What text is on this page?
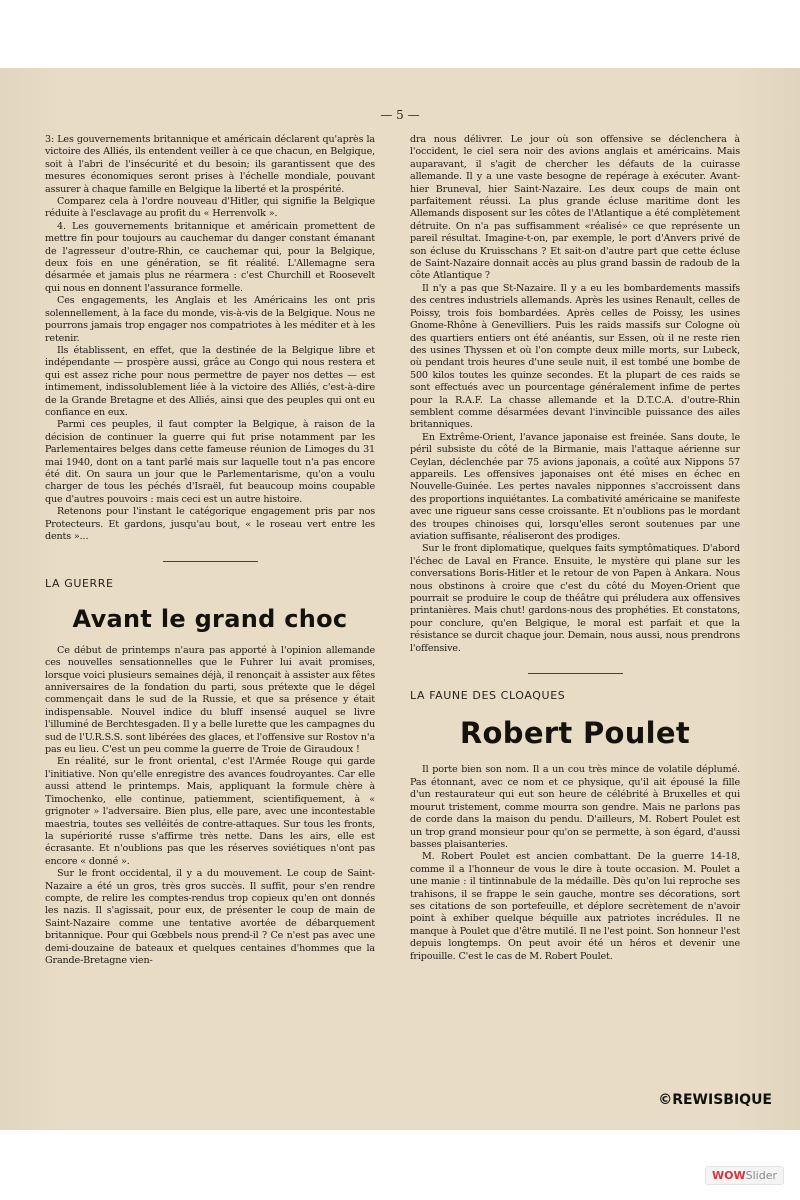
— 5 —

3: Les gouvernements britannique et américain déclarent qu'après la victoire des Alliés, ils entendent veiller à ce que chacun, en Belgique, soit à l'abri de l'insécurité et du besoin; ils garantissent que des mesures économiques seront prises à l'échelle mondiale, pouvant assurer à chaque famille en Belgique la liberté et la prospérité.

Comparez cela à l'ordre nouveau d'Hitler, qui signifie la Belgique réduite à l'esclavage au profit du « Herrenvolk ».

4. Les gouvernements britannique et américain promettent de mettre fin pour toujours au cauchemar du danger constant émanant de l'agresseur d'outre-Rhin, ce cauchemar qui, pour la Belgique, deux fois en une génération, se fit réalité. L'Allemagne sera désarmée et jamais plus ne réarmera : c'est Churchill et Roosevelt qui nous en donnent l'assurance formelle.

Ces engagements, les Anglais et les Américains les ont pris solennellement, à la face du monde, vis-à-vis de la Belgique. Nous ne pourrons jamais trop engager nos compatriotes à les méditer et à les retenir.

Ils établissent, en effet, que la destinée de la Belgique libre et indépendante — prospère aussi, grâce au Congo qui nous restera et qui est assez riche pour nous permettre de payer nos dettes — est intimement, indissolublement liée à la victoire des Alliés, c'est-à-dire de la Grande Bretagne et des Alliés, ainsi que des peuples qui ont eu confiance en eux.

Parmi ces peuples, il faut compter la Belgique, à raison de la décision de continuer la guerre qui fut prise notamment par les Parlementaires belges dans cette fameuse réunion de Limoges du 31 mai 1940, dont on a tant parlé mais sur laquelle tout n'a pas encore été dit. On saura un jour que le Parlementarisme, qu'on a voulu charger de tous les péchés d'Israël, fut beaucoup moins coupable que d'autres pouvoirs : mais ceci est un autre histoire.

Retenons pour l'instant le catégorique engagement pris par nos Protecteurs. Et gardons, jusqu'au bout, « le roseau vert entre les dents »...

LA GUERRE
Avant le grand choc

Ce début de printemps n'aura pas apporté à l'opinion allemande ces nouvelles sensationnelles que le Fuhrer lui avait promises, lorsque voici plusieurs semaines déjà, il renonçait à assister aux fêtes anniversaires de la fondation du parti, sous prétexte que le dégel commençait dans le sud de la Russie, et que sa présence y était indispensable. Nouvel indice du bluff insensé auquel se livre l'illuminé de Berchtesgaden. Il y a belle lurette que les campagnes du sud de l'U.R.S.S. sont libérées des glaces, et l'offensive sur Rostov n'a pas eu lieu. C'est un peu comme la guerre de Troie de Giraudoux !

En réalité, sur le front oriental, c'est l'Armée Rouge qui garde l'initiative. Non qu'elle enregistre des avances foudroyantes. Car elle aussi attend le printemps. Mais, appliquant la formule chère à Timochenko, elle continue, patiemment, scientifiquement, à « grignoter » l'adversaire. Bien plus, elle pare, avec une incontestable maestria, toutes ses velléités de contre-attaques. Sur tous les fronts, la supériorité russe s'affirme très nette. Dans les airs, elle est écrasante. Et n'oublions pas que les réserves soviétiques n'ont pas encore « donné ».

Sur le front occidental, il y a du mouvement. Le coup de Saint-Nazaire a été un gros, très gros succès. Il suffit, pour s'en rendre compte, de relire les comptes-rendus trop copieux qu'en ont donnés les nazis. Il s'agissait, pour eux, de présenter le coup de main de Saint-Nazaire comme une tentative avortée de débarquement britannique. Pour qui Gœbbels nous prend-il ? Ce n'est pas avec une demi-douzaine de bateaux et quelques centaines d'hommes que la Grande-Bretagne vien-

dra nous délivrer. Le jour où son offensive se déclenchera à l'occident, le ciel sera noir des avions anglais et américains. Mais auparavant, il s'agit de chercher les défauts de la cuirasse allemande. Il y a une vaste besogne de repérage à exécuter. Avant-hier Bruneval, hier Saint-Nazaire. Les deux coups de main ont parfaitement réussi. La plus grande écluse maritime dont les Allemands disposent sur les côtes de l'Atlantique a été complètement détruite. On n'a pas suffisamment «réalisé» ce que représente un pareil résultat. Imagine-t-on, par exemple, le port d'Anvers privé de son écluse du Kruisschans ? Et sait-on d'autre part que cette écluse de Saint-Nazaire donnait accès au plus grand bassin de radoub de la côte Atlantique ?

Il n'y a pas que St-Nazaire. Il y a eu les bombardements massifs des centres industriels allemands. Après les usines Renault, celles de Poissy, trois fois bombardées. Après celles de Poissy, les usines Gnome-Rhône à Genevilliers. Puis les raids massifs sur Cologne où des quartiers entiers ont été anéantis, sur Essen, où il ne reste rien des usines Thyssen et où l'on compte deux mille morts, sur Lubeck, où pendant trois heures d'une seule nuit, il est tombé une bombe de 500 kilos toutes les quinze secondes. Et la plupart de ces raids se sont effectués avec un pourcentage généralement infime de pertes pour la R.A.F. La chasse allemande et la D.T.C.A. d'outre-Rhin semblent comme désarmées devant l'invincible puissance des ailes britanniques.

En Extrême-Orient, l'avance japonaise est freinée. Sans doute, le péril subsiste du côté de la Birmanie, mais l'attaque aérienne sur Ceylan, déclenchée par 75 avions japonais, a coûté aux Nippons 57 appareils. Les offensives japonaises ont été mises en échec en Nouvelle-Guinée. Les pertes navales nipponnes s'accroissent dans des proportions inquiétantes. La combativité américaine se manifeste avec une rigueur sans cesse croissante. Et n'oublions pas le mordant des troupes chinoises qui, lorsqu'elles seront soutenues par une aviation suffisante, réaliseront des prodiges.

Sur le front diplomatique, quelques faits symptômatiques. D'abord l'échec de Laval en France. Ensuite, le mystère qui plane sur les conversations Boris-Hitler et le retour de von Papen à Ankara. Nous nous obstinons à croire que c'est du côté du Moyen-Orient que pourrait se produire le coup de théâtre qui préludera aux offensives printanières. Mais chut! gardons-nous des prophéties. Et constatons, pour conclure, qu'en Belgique, le moral est parfait et que la résistance se durcit chaque jour. Demain, nous aussi, nous prendrons l'offensive.

LA FAUNE DES CLOAQUES
Robert Poulet

Il porte bien son nom. Il a un cou très mince de volatile déplumé. Pas étonnant, avec ce nom et ce physique, qu'il ait épousé la fille d'un restaurateur qui eut son heure de célébrité à Bruxelles et qui mourut tristement, comme mourra son gendre. Mais ne parlons pas de corde dans la maison du pendu. D'ailleurs, M. Robert Poulet est un trop grand monsieur pour qu'on se permette, à son égard, d'aussi basses plaisanteries.

M. Robert Poulet est ancien combattant. De la guerre 14-18, comme il a l'honneur de vous le dire à toute occasion. M. Poulet a une manie : il tintinnabule de la médaille. Dès qu'on lui reproche ses trahisons, il se frappe le sein gauche, montre ses décorations, sort ses citations de son portefeuille, et déplore secrètement de n'avoir point à exhiber quelque béquille aux patriotes incrédules. Il ne manque à Poulet que d'être mutilé. Il ne l'est point. Son honneur l'est depuis longtemps. On peut avoir été un héros et devenir une fripouille. C'est le cas de M. Robert Poulet.

©REWISBIQUE
WOWSlider
